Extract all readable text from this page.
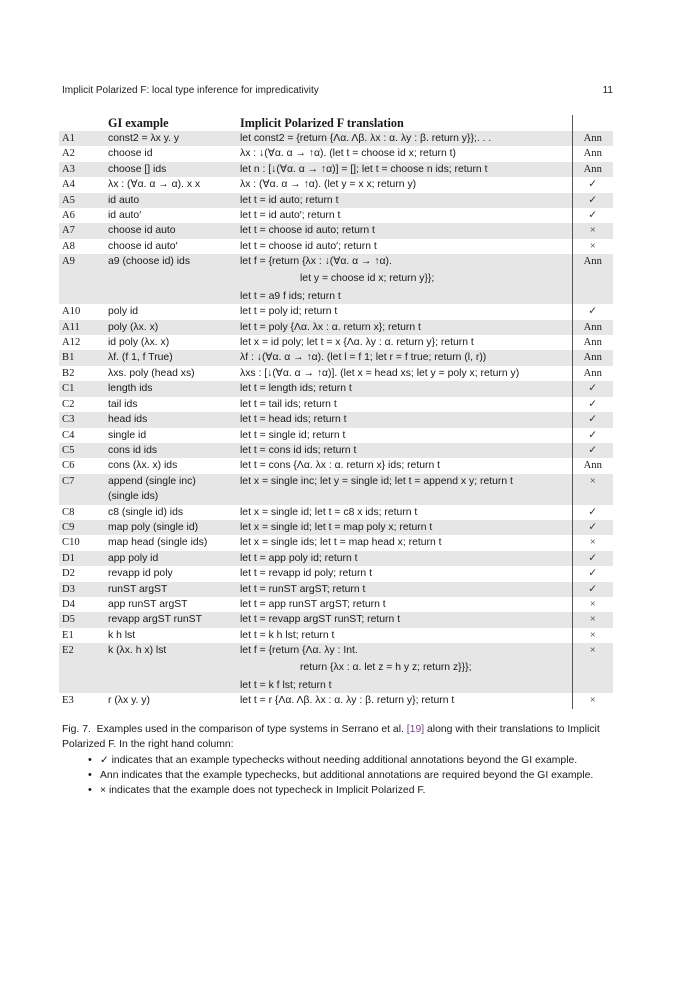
Implicit Polarized F: local type inference for impredicativity	11
	GI example	Implicit Polarized F translation	
A1	const2 = λx y. y	let const2 = {return {Λα. Λβ. λx : α. λy : β. return y}};. . .	Ann
A2	choose id	λx : ↓(∀α. α → ↑α). (let t = choose id x; return t)	Ann
A3	choose [] ids	let n : [↓(∀α. α → ↑α)] = []; let t = choose n ids; return t	Ann
A4	λx : (∀α. α → α). x x	λx : (∀α. α → ↑α). (let y = x x; return y)	✓
A5	id auto	let t = id auto; return t	✓
A6	id auto′	let t = id auto′; return t	✓
A7	choose id auto	let t = choose id auto; return t	×
A8	choose id auto′	let t = choose id auto′; return t	×
A9	a9 (choose id) ids	let f = {return {λx : ↓(∀α. α → ↑α).
let y = choose id x; return y}};
let t = a9 f ids; return t	Ann
A10	poly id	let t = poly id; return t	✓
A11	poly (λx. x)	let t = poly {Λα. λx : α. return x}; return t	Ann
A12	id poly (λx. x)	let x = id poly; let t = x {Λα. λy : α. return y}; return t	Ann
B1	λf. (f 1, f True)	λf : ↓(∀α. α → ↑α). (let l = f 1; let r = f true; return (l, r))	Ann
B2	λxs. poly (head xs)	λxs : [↓(∀α. α → ↑α)]. (let x = head xs; let y = poly x; return y)	Ann
C1	length ids	let t = length ids; return t	✓
C2	tail ids	let t = tail ids; return t	✓
C3	head ids	let t = head ids; return t	✓
C4	single id	let t = single id; return t	✓
C5	cons id ids	let t = cons id ids; return t	✓
C6	cons (λx. x) ids	let t = cons {Λα. λx : α. return x} ids; return t	Ann
C7	append (single inc)
(single ids)	let x = single inc; let y = single id; let t = append x y; return t	×
C8	c8 (single id) ids	let x = single id; let t = c8 x ids; return t	✓
C9	map poly (single id)	let x = single id; let t = map poly x; return t	✓
C10	map head (single ids)	let x = single ids; let t = map head x; return t	×
D1	app poly id	let t = app poly id; return t	✓
D2	revapp id poly	let t = revapp id poly; return t	✓
D3	runST argST	let t = runST argST; return t	✓
D4	app runST argST	let t = app runST argST; return t	×
D5	revapp argST runST	let t = revapp argST runST; return t	×
E1	k h lst	let t = k h lst; return t	×
E2	k (λx. h x) lst	let f = {return {Λα. λy : Int.
return {λx : α. let z = h y z; return z}}};
let t = k f lst; return t	×
E3	r (λx y. y)	let t = r {Λα. Λβ. λx : α. λy : β. return y}; return t	×
Fig. 7. Examples used in the comparison of type systems in Serrano et al. [19] along with their translations to Implicit Polarized F. In the right hand column:
• ✓ indicates that an example typechecks without needing additional annotations beyond the GI example.
• Ann indicates that the example typechecks, but additional annotations are required beyond the GI example.
• × indicates that the example does not typecheck in Implicit Polarized F.
